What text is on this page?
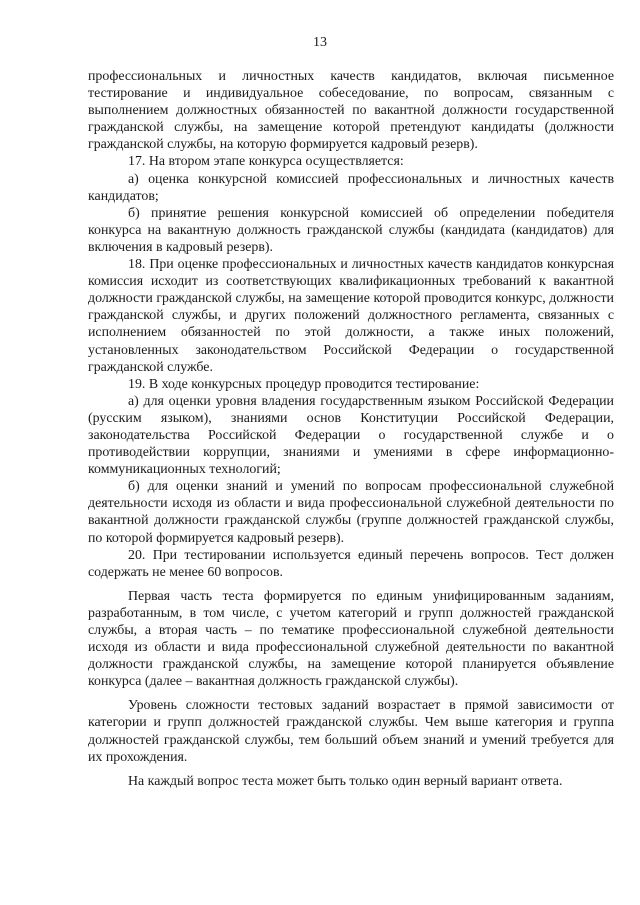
13

профессиональных и личностных качеств кандидатов, включая письменное тестирование и индивидуальное собеседование, по вопросам, связанным с выполнением должностных обязанностей по вакантной должности государственной гражданской службы, на замещение которой претендуют кандидаты (должности гражданской службы, на которую формируется кадровый резерв).

17. На втором этапе конкурса осуществляется:

а) оценка конкурсной комиссией профессиональных и личностных качеств кандидатов;

б) принятие решения конкурсной комиссией об определении победителя конкурса на вакантную должность гражданской службы (кандидата (кандидатов) для включения в кадровый резерв).

18. При оценке профессиональных и личностных качеств кандидатов конкурсная комиссия исходит из соответствующих квалификационных требований к вакантной должности гражданской службы, на замещение которой проводится конкурс, должности гражданской службы, и других положений должностного регламента, связанных с исполнением обязанностей по этой должности, а также иных положений, установленных законодательством Российской Федерации о государственной гражданской службе.

19. В ходе конкурсных процедур проводится тестирование:

а) для оценки уровня владения государственным языком Российской Федерации (русским языком), знаниями основ Конституции Российской Федерации, законодательства Российской Федерации о государственной службе и о противодействии коррупции, знаниями и умениями в сфере информационно-коммуникационных технологий;

б) для оценки знаний и умений по вопросам профессиональной служебной деятельности исходя из области и вида профессиональной служебной деятельности по вакантной должности гражданской службы (группе должностей гражданской службы, по которой формируется кадровый резерв).

20. При тестировании используется единый перечень вопросов. Тест должен содержать не менее 60 вопросов.

Первая часть теста формируется по единым унифицированным заданиям, разработанным, в том числе, с учетом категорий и групп должностей гражданской службы, а вторая часть – по тематике профессиональной служебной деятельности исходя из области и вида профессиональной служебной деятельности по вакантной должности гражданской службы, на замещение которой планируется объявление конкурса (далее – вакантная должность гражданской службы).

Уровень сложности тестовых заданий возрастает в прямой зависимости от категории и групп должностей гражданской службы. Чем выше категория и группа должностей гражданской службы, тем больший объем знаний и умений требуется для их прохождения.

На каждый вопрос теста может быть только один верный вариант ответа.
